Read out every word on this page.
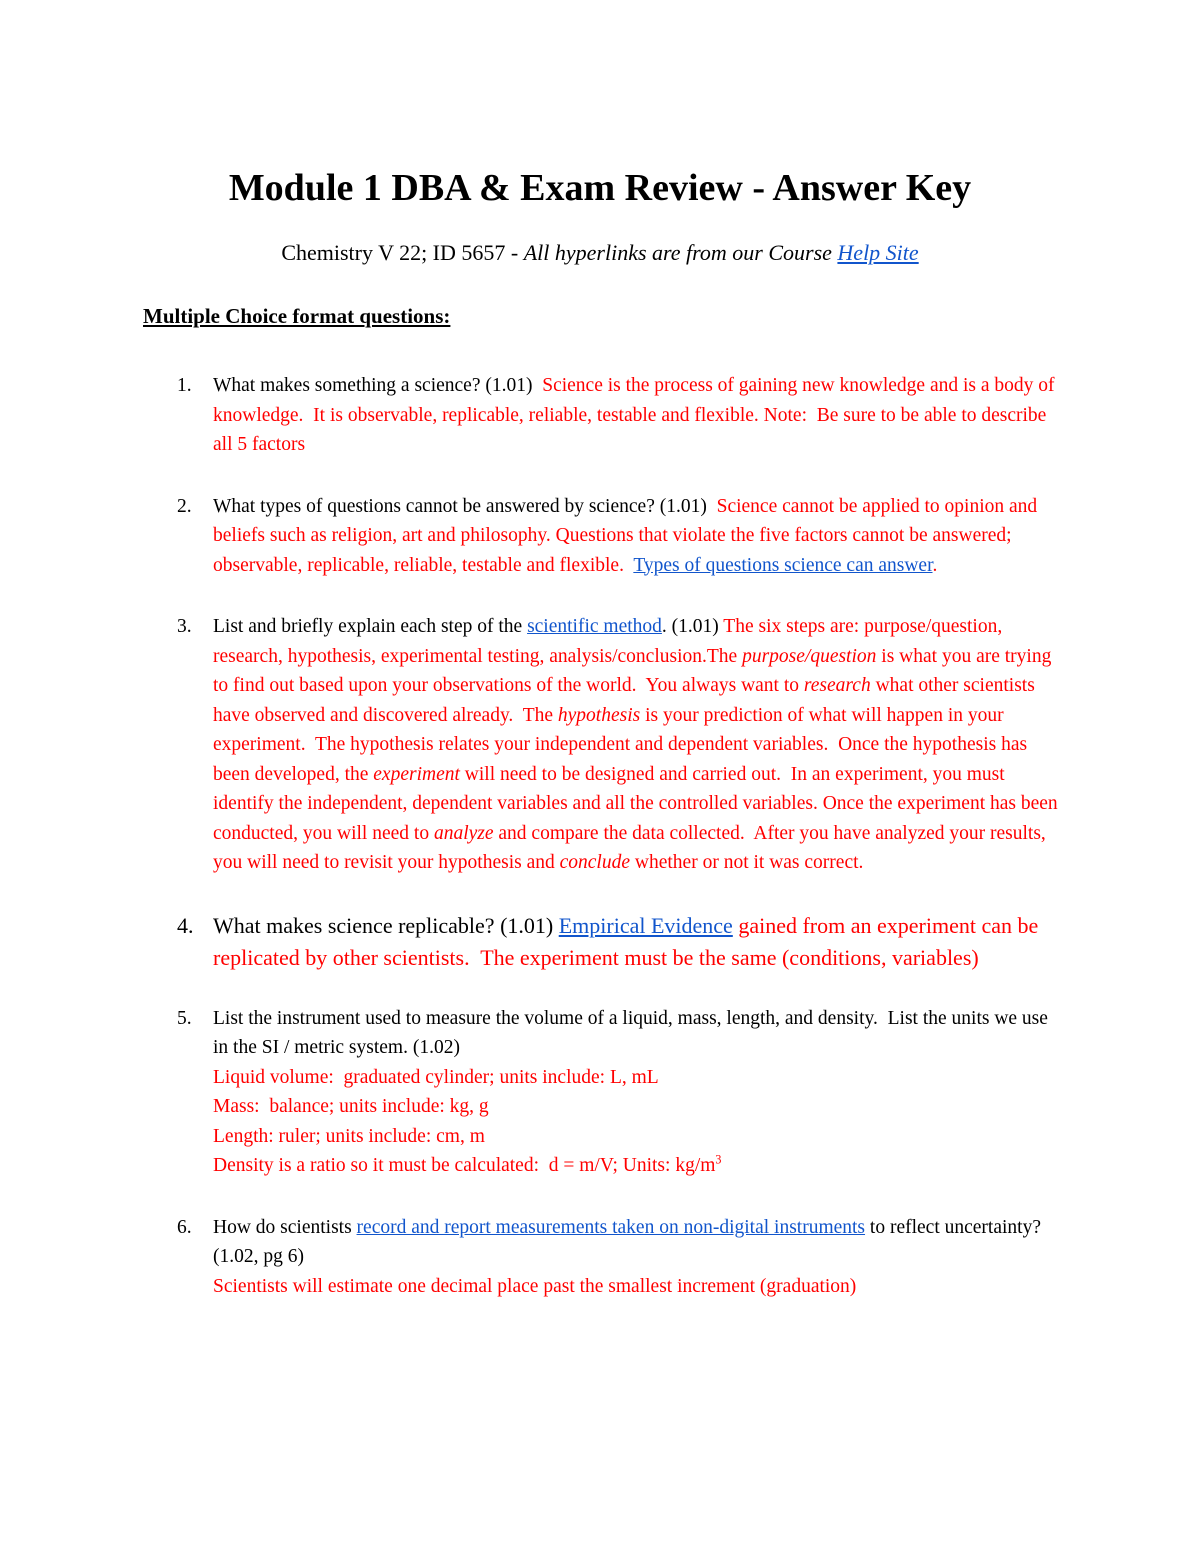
Module 1 DBA & Exam Review - Answer Key
Chemistry V 22; ID 5657 - All hyperlinks are from our Course Help Site
Multiple Choice format questions:
1. What makes something a science? (1.01)  Science is the process of gaining new knowledge and is a body of knowledge.  It is observable, replicable, reliable, testable and flexible. Note:  Be sure to be able to describe all 5 factors
2. What types of questions cannot be answered by science? (1.01)  Science cannot be applied to opinion and beliefs such as religion, art and philosophy. Questions that violate the five factors cannot be answered; observable, replicable, reliable, testable and flexible.  Types of questions science can answer.
3. List and briefly explain each step of the scientific method. (1.01) The six steps are: purpose/question, research, hypothesis, experimental testing, analysis/conclusion.The purpose/question is what you are trying to find out based upon your observations of the world.  You always want to research what other scientists have observed and discovered already.  The hypothesis is your prediction of what will happen in your experiment.  The hypothesis relates your independent and dependent variables.  Once the hypothesis has been developed, the experiment will need to be designed and carried out.  In an experiment, you must identify the independent, dependent variables and all the controlled variables. Once the experiment has been conducted, you will need to analyze and compare the data collected.  After you have analyzed your results, you will need to revisit your hypothesis and conclude whether or not it was correct.
4. What makes science replicable? (1.01) Empirical Evidence gained from an experiment can be replicated by other scientists.  The experiment must be the same (conditions, variables)
5. List the instrument used to measure the volume of a liquid, mass, length, and density.  List the units we use in the SI / metric system. (1.02)
Liquid volume:  graduated cylinder; units include: L, mL
Mass:  balance; units include: kg, g
Length: ruler; units include: cm, m
Density is a ratio so it must be calculated:  d = m/V; Units: $kg/m^3$
6. How do scientists record and report measurements taken on non-digital instruments to reflect uncertainty? (1.02, pg 6)
Scientists will estimate one decimal place past the smallest increment (graduation)
